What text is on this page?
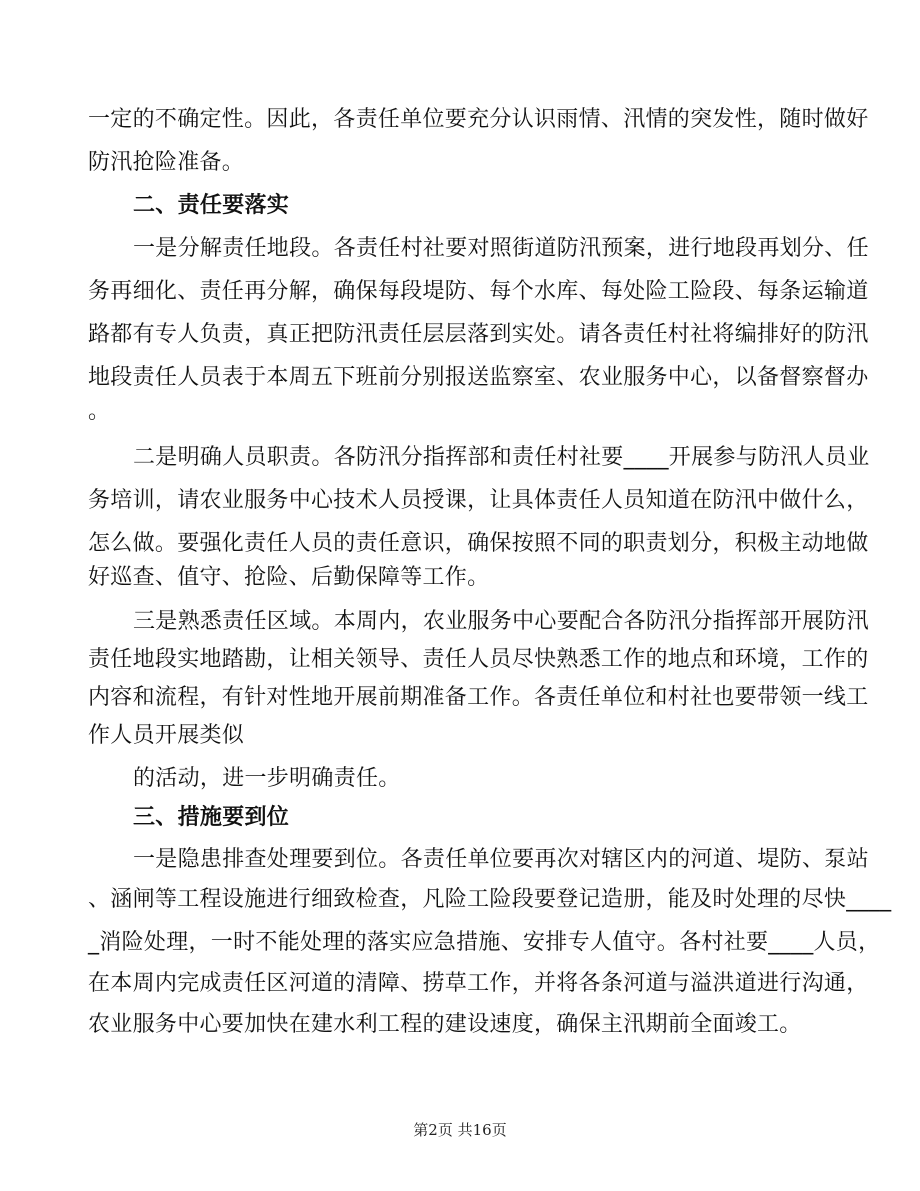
一定的不确定性。因此，各责任单位要充分认识雨情、汛情的突发性，随时做好
防汛抢险准备。
二、责任要落实
一是分解责任地段。各责任村社要对照街道防汛预案，进行地段再划分、任
务再细化、责任再分解，确保每段堤防、每个水库、每处险工险段、每条运输道
路都有专人负责，真正把防汛责任层层落到实处。请各责任村社将编排好的防汛
地段责任人员表于本周五下班前分别报送监察室、农业服务中心，以备督察督办
。
二是明确人员职责。各防汛分指挥部和责任村社要____开展参与防汛人员业
务培训，请农业服务中心技术人员授课，让具体责任人员知道在防汛中做什么，
怎么做。要强化责任人员的责任意识，确保按照不同的职责划分，积极主动地做
好巡查、值守、抢险、后勤保障等工作。
三是熟悉责任区域。本周内，农业服务中心要配合各防汛分指挥部开展防汛
责任地段实地踏勘，让相关领导、责任人员尽快熟悉工作的地点和环境，工作的
内容和流程，有针对性地开展前期准备工作。各责任单位和村社也要带领一线工
作人员开展类似
的活动，进一步明确责任。
三、措施要到位
一是隐患排查处理要到位。各责任单位要再次对辖区内的河道、堤防、泵站
、涵闸等工程设施进行细致检查，凡险工险段要登记造册，能及时处理的尽快____
_消险处理，一时不能处理的落实应急措施、安排专人值守。各村社要____人员，
在本周内完成责任区河道的清障、捞草工作，并将各条河道与溢洪道进行沟通，
农业服务中心要加快在建水利工程的建设速度，确保主汛期前全面竣工。
第2页 共16页
